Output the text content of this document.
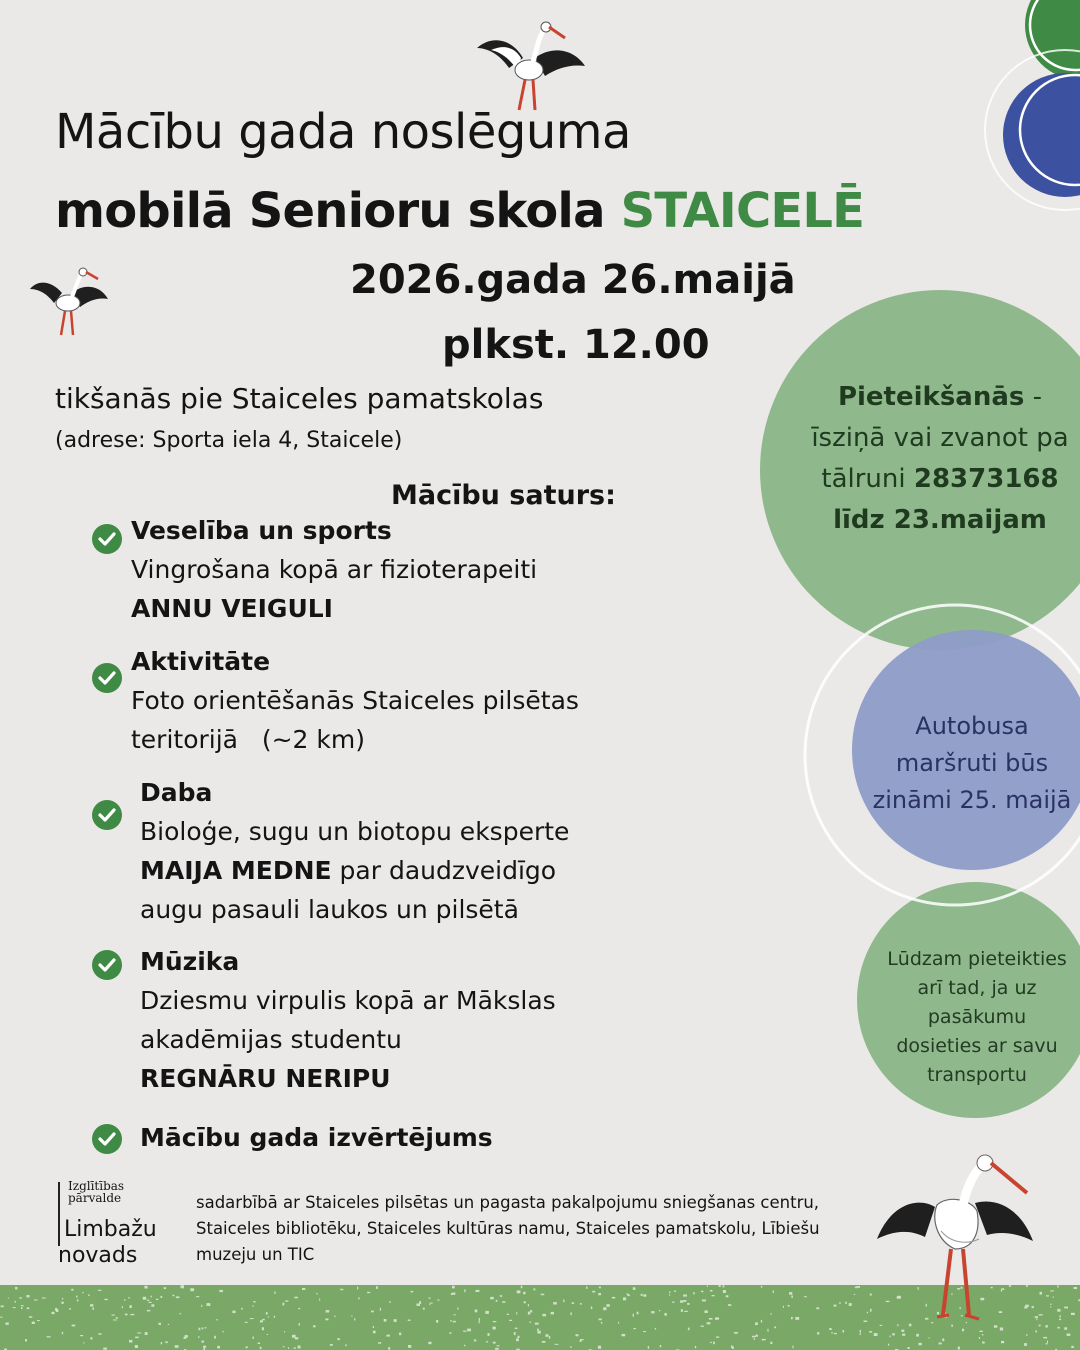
Mācību gada noslēguma
mobilā Senioru skola STAICELĒ
2026.gada 26.maijā
plkst. 12.00
tikšanās pie Staiceles pamatskolas
(adrese: Sporta iela 4, Staicele)
Mācību saturs:
Veselība un sports
Vingrošana kopā ar fizioterapeiti
ANNU VEIGULI
Aktivitāte
Foto orientēšanās Staiceles pilsētas
teritorijā   (~2 km)
Daba
Bioloģe, sugu un biotopu eksperte
MAIJA MEDNE par daudzveidīgo
augu pasauli laukos un pilsētā
Mūzika
Dziesmu virpulis kopā ar Mākslas
akadēmijas studentu
REGNĀRU NERIPU
Mācību gada izvērtējums
Pieteikšanās -
īsziņā vai zvanot pa
tālruni 28373168
līdz 23.maijam
Autobusa
maršruti būs
zināmi 25. maijā
Lūdzam pieteikties
arī tad, ja uz
pasākumu
dosieties ar savu
transportu
Izglītības
pārvalde
Limbažu
novads
sadarbībā ar Staiceles pilsētas un pagasta pakalpojumu sniegšanas centru,
Staiceles bibliotēku, Staiceles kultūras namu, Staiceles pamatskolu, Lībiešu
muzeju un TIC
